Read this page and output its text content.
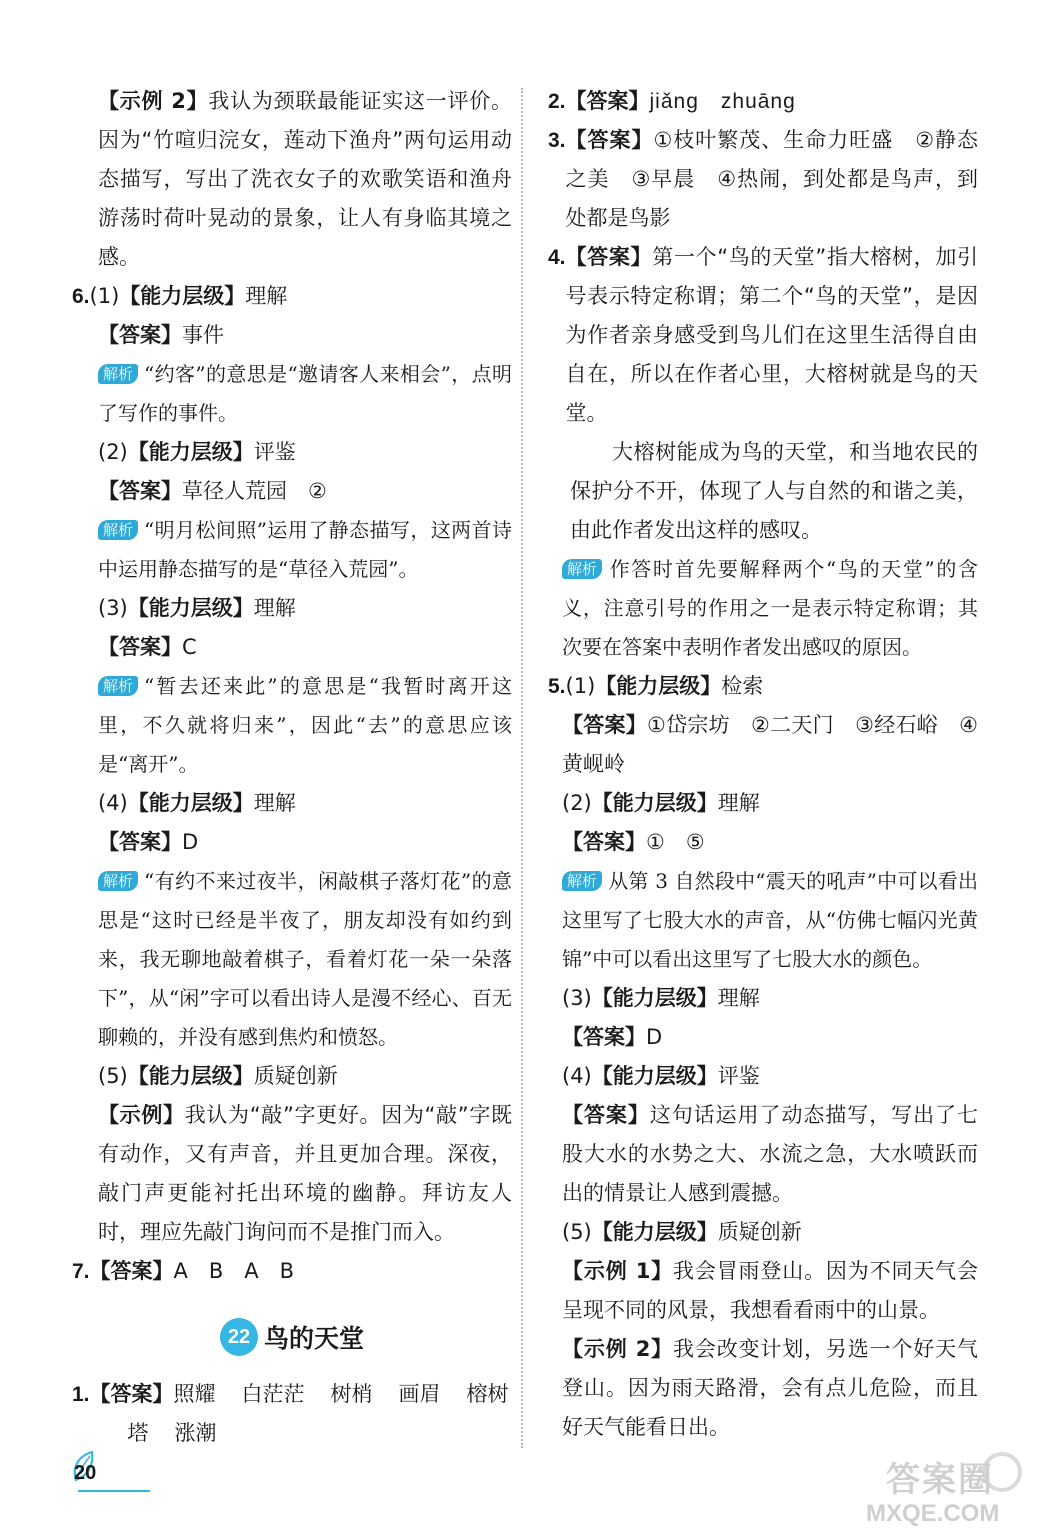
【示例 2】我认为颈联最能证实这一评价。因为“竹喧归浣女，莲动下渔舟”两句运用动态描写，写出了洗衣女子的欢歌笑语和渔舟游荡时荷叶晃动的景象，让人有身临其境之感。
6. (1)【能力层级】理解
【答案】事件
解析 “约客”的意思是“邀请客人来相会”，点明了写作的事件。
(2)【能力层级】评鉴
【答案】草径人荒园　②
解析 “明月松间照”运用了静态描写，这两首诗中运用静态描写的是“草径入荒园”。
(3)【能力层级】理解
【答案】C
解析 “暂去还来此”的意思是“我暂时离开这里，不久就将归来”，因此“去”的意思应该是“离开”。
(4)【能力层级】理解
【答案】D
解析 “有约不来过夜半，闲敲棋子落灯花”的意思是“这时已经是半夜了，朋友却没有如约到来，我无聊地敲着棋子，看着灯花一朵一朵落下”，从“闲”字可以看出诗人是漫不经心、百无聊赖的，并没有感到焦灼和愤怒。
(5)【能力层级】质疑创新
【示例】我认为“敲”字更好。因为“敲”字既有动作，又有声音，并且更加合理。深夜，敲门声更能衬托出环境的幽静。拜访友人时，理应先敲门询问而不是推门而入。
7. 【答案】A　B　A　B
22 鸟的天堂
1. 【答案】照耀 白茫茫 树梢 画眉 榕树
塔 涨潮
2. 【答案】jiǎng zhuāng
3. 【答案】①枝叶繁茂、生命力旺盛　②静态之美　③早晨　④热闹，到处都是鸟声，到处都是鸟影
4. 【答案】第一个“鸟的天堂”指大榕树，加引号表示特定称谓；第二个“鸟的天堂”，是因为作者亲身感受到鸟儿们在这里生活得自由自在，所以在作者心里，大榕树就是鸟的天堂。
大榕树能成为鸟的天堂，和当地农民的保护分不开，体现了人与自然的和谐之美，由此作者发出这样的感叹。
解析 作答时首先要解释两个“鸟的天堂”的含义，注意引号的作用之一是表示特定称谓；其次要在答案中表明作者发出感叹的原因。
5. (1)【能力层级】检索
【答案】①岱宗坊　②二天门　③经石峪　④黄岘岭
(2)【能力层级】理解
【答案】①　⑤
解析 从第 3 自然段中“震天的吼声”中可以看出这里写了七股大水的声音，从“仿佛七幅闪光黄锦”中可以看出这里写了七股大水的颜色。
(3)【能力层级】理解
【答案】D
(4)【能力层级】评鉴
【答案】这句话运用了动态描写，写出了七股大水的水势之大、水流之急，大水喷跃而出的情景让人感到震撼。
(5)【能力层级】质疑创新
【示例 1】我会冒雨登山。因为不同天气会呈现不同的风景，我想看看雨中的山景。
【示例 2】我会改变计划，另选一个好天气登山。因为雨天路滑，会有点儿危险，而且好天气能看日出。
20	答案圈
MXQE.COM
